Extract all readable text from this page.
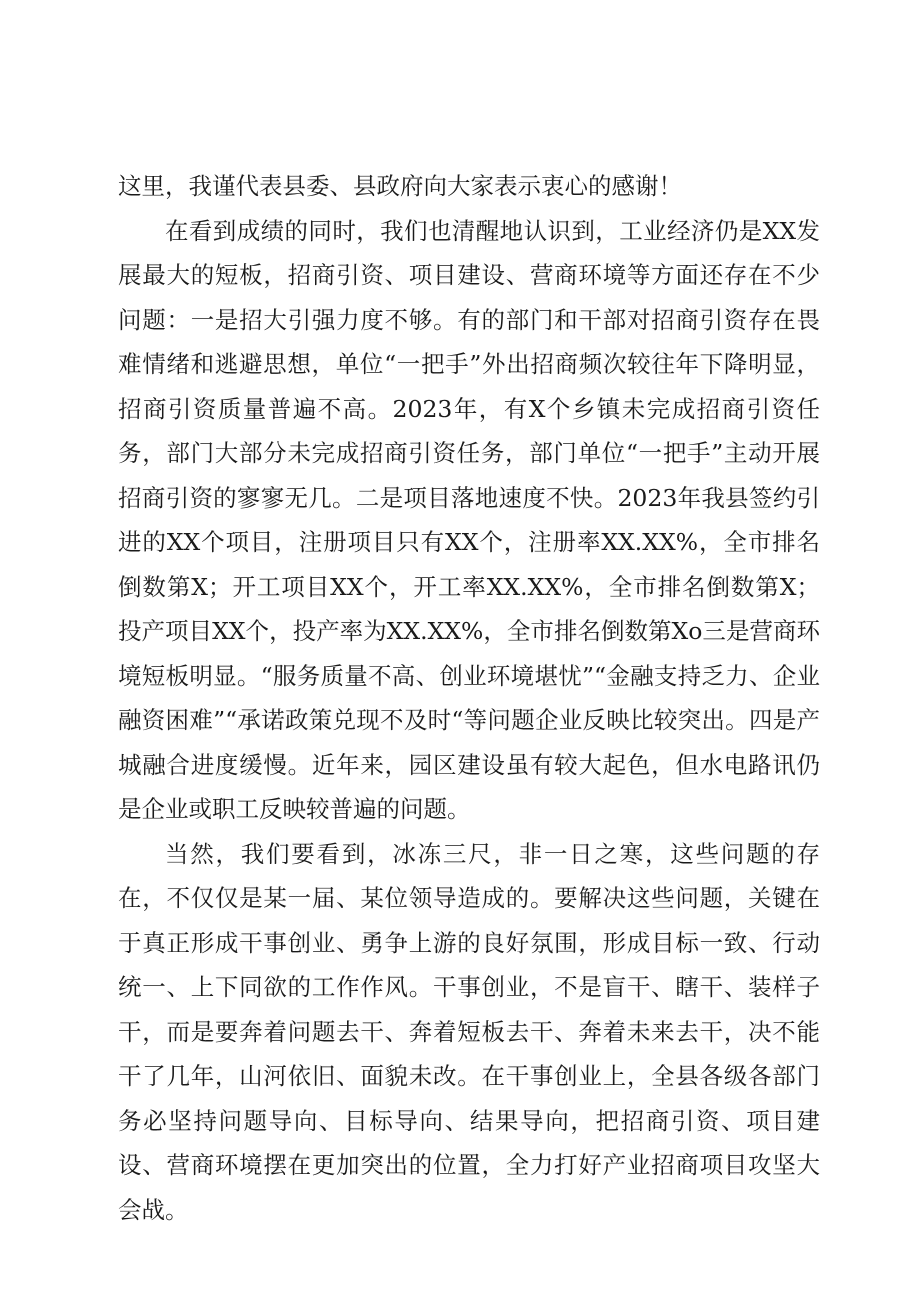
这里，我谨代表县委、县政府向大家表示衷心的感谢！

在看到成绩的同时，我们也清醒地认识到，工业经济仍是XX发展最大的短板，招商引资、项目建设、营商环境等方面还存在不少问题：一是招大引强力度不够。有的部门和干部对招商引资存在畏难情绪和逃避思想，单位“一把手”外出招商频次较往年下降明显，招商引资质量普遍不高。2023年，有X个乡镇未完成招商引资任务，部门大部分未完成招商引资任务，部门单位“一把手”主动开展招商引资的寥寥无几。二是项目落地速度不快。2023年我县签约引进的XX个项目，注册项目只有XX个，注册率XX.XX%，全市排名倒数第X；开工项目XX个，开工率XX.XX%，全市排名倒数第X；投产项目XX个，投产率为XX.XX%，全市排名倒数第Xo三是营商环境短板明显。“服务质量不高、创业环境堪忧”“金融支持乏力、企业融资困难”“承诺政策兑现不及时“等问题企业反映比较突出。四是产城融合进度缓慢。近年来，园区建设虽有较大起色，但水电路讯仍是企业或职工反映较普遍的问题。

当然，我们要看到，冰冻三尺，非一日之寒，这些问题的存在，不仅仅是某一届、某位领导造成的。要解决这些问题，关键在于真正形成干事创业、勇争上游的良好氛围，形成目标一致、行动统一、上下同欲的工作作风。干事创业，不是盲干、瞎干、装样子干，而是要奔着问题去干、奔着短板去干、奔着未来去干，决不能干了几年，山河依旧、面貌未改。在干事创业上，全县各级各部门务必坚持问题导向、目标导向、结果导向，把招商引资、项目建设、营商环境摆在更加突出的位置，全力打好产业招商项目攻坚大会战。
